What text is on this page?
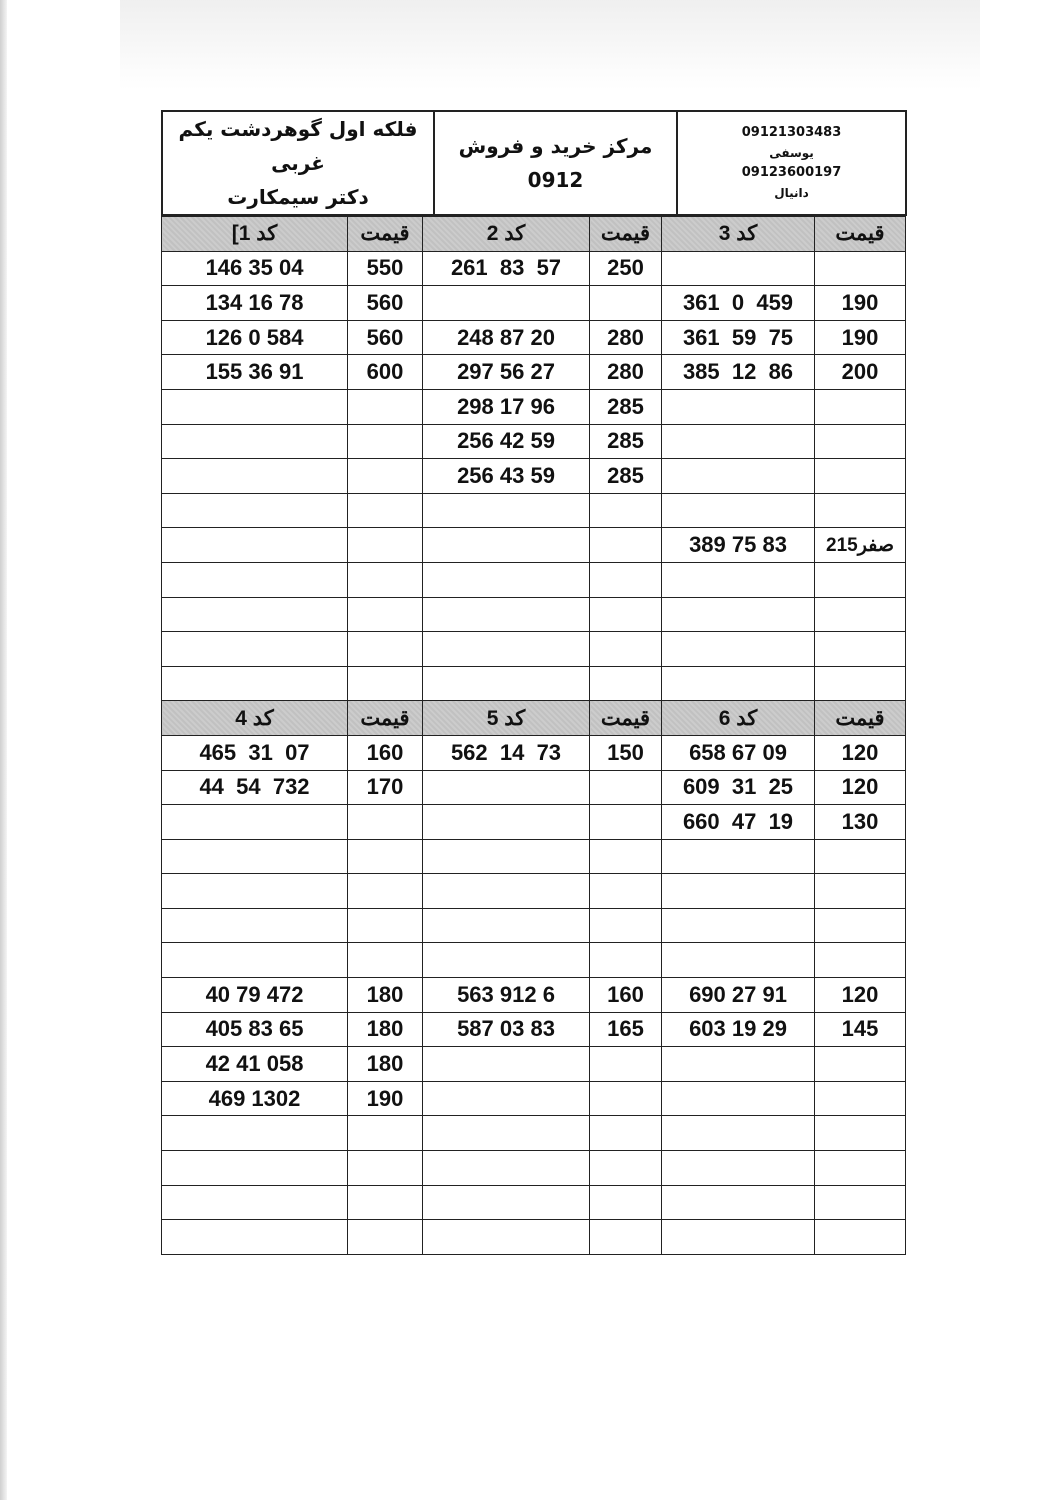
فلکه اول گوهردشت یکم غربی
دکتر سیمکارت

مرکز خرید و فروش
0912

09121303483
یوسفی
09123600197
دانیال
کد 1]	قیمت	کد 2	قیمت	کد 3	قیمت
146 35 04	550	261  83  57	250		
134 16 78	560			361  0  459	190
126 0 584	560	248 87 20	280	361  59  75	190
155 36 91	600	297 56 27	280	385  12  86	200
		298 17 96	285		
		256 42 59	285		
		256 43 59	285		

				389 75 83	صفر215

کد 4	قیمت	کد 5	قیمت	کد 6	قیمت
465  31  07	160	562  14  73	150	658 67 09	120
44  54  732	170			609  31  25	120
				660  47  19	130

40 79 472	180	563 912 6	160	690 27 91	120
405 83 65	180	587 03 83	165	603 19 29	145
42 41 058	180				
469 1302	190				
